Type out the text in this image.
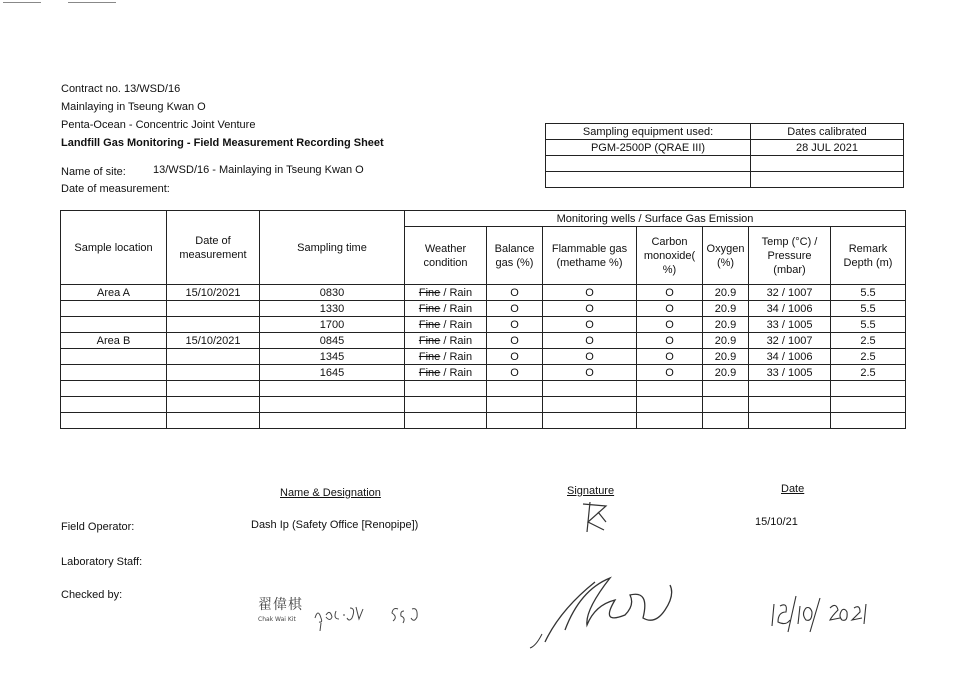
Contract no. 13/WSD/16
Mainlaying in Tseung Kwan O
Penta-Ocean - Concentric Joint Venture
Landfill Gas Monitoring - Field Measurement Recording Sheet
Name of site: 13/WSD/16 - Mainlaying in Tseung Kwan O
Date of measurement:
Sampling equipment used:	Dates calibrated
PGM-2500P (QRAE III)	28 JUL 2021

Sample location	Date of measurement	Sampling time	Monitoring wells / Surface Gas Emission						
			Weather condition	Balance gas (%)	Flammable gas (methame %)	Carbon monoxide( %)	Oxygen (%)	Temp (°C) / Pressure (mbar)	Remark Depth (m)
Area A	15/10/2021	0830	Fine / Rain	O	O	O	20.9	32 / 1007	5.5
		1330	Fine / Rain	O	O	O	20.9	34 / 1006	5.5
		1700	Fine / Rain	O	O	O	20.9	33 / 1005	5.5
Area B	15/10/2021	0845	Fine / Rain	O	O	O	20.9	32 / 1007	2.5
		1345	Fine / Rain	O	O	O	20.9	34 / 1006	2.5
		1645	Fine / Rain	O	O	O	20.9	33 / 1005	2.5

Name & Designation	Signature	Date
Field Operator:	Dash Ip (Safety Office [Renopipe])	15/10/21
Laboratory Staff:
Checked by:
翟偉棋
Chak Wai Kit
